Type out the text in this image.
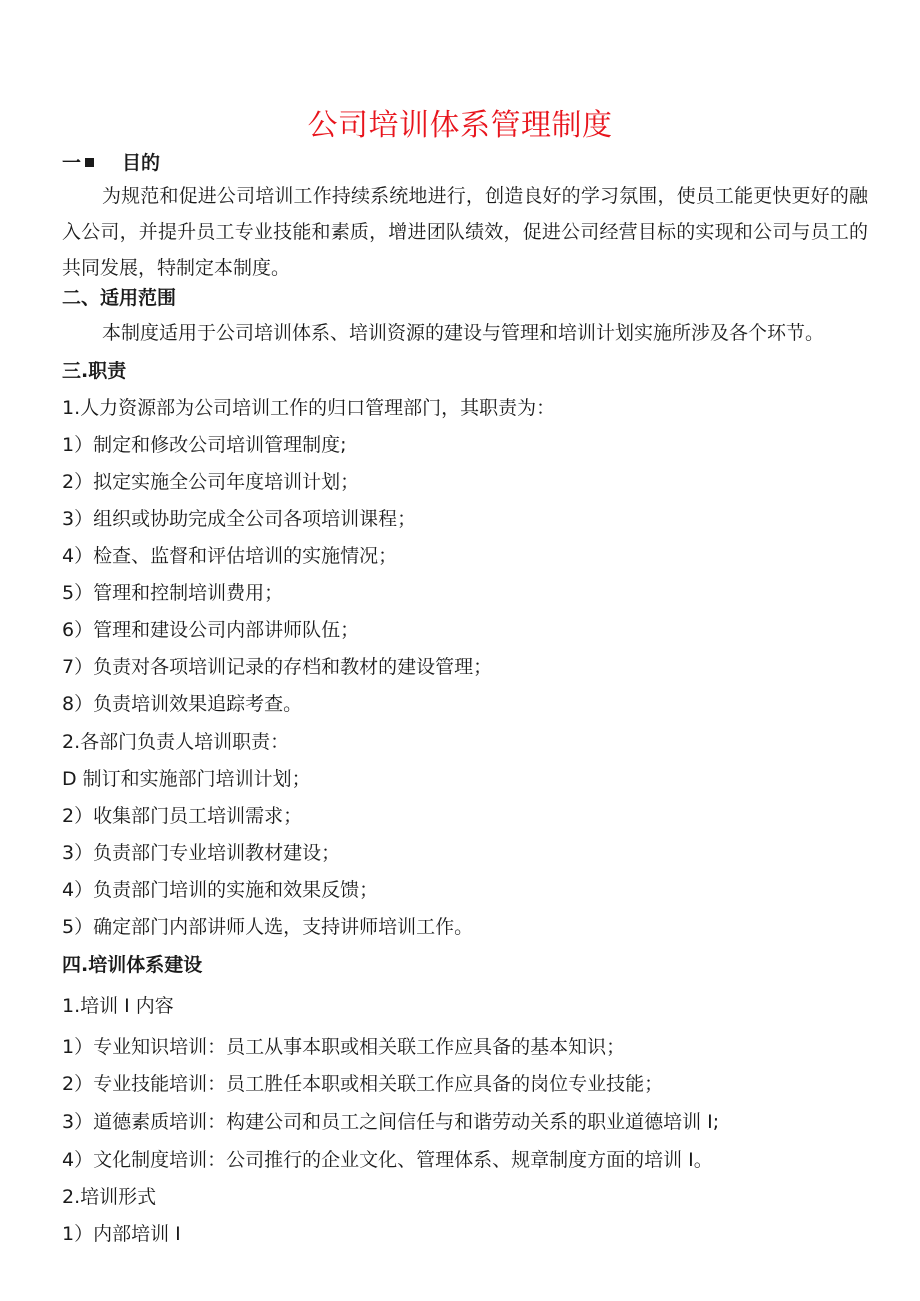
公司培训体系管理制度
一 目的
为规范和促进公司培训工作持续系统地进行，创造良好的学习氛围，使员工能更快更好的融入公司，并提升员工专业技能和素质，增进团队绩效，促进公司经营目标的实现和公司与员工的共同发展，特制定本制度。
二、适用范围
本制度适用于公司培训体系、培训资源的建设与管理和培训计划实施所涉及各个环节。
三.职责
1.人力资源部为公司培训工作的归口管理部门，其职责为：
1）制定和修改公司培训管理制度;
2）拟定实施全公司年度培训计划；
3）组织或协助完成全公司各项培训课程；
4）检查、监督和评估培训的实施情况；
5）管理和控制培训费用；
6）管理和建设公司内部讲师队伍；
7）负责对各项培训记录的存档和教材的建设管理；
8）负责培训效果追踪考查。
2.各部门负责人培训职责：
D 制订和实施部门培训计划；
2）收集部门员工培训需求；
3）负责部门专业培训教材建设；
4）负责部门培训的实施和效果反馈；
5）确定部门内部讲师人选，支持讲师培训工作。
四.培训体系建设
1.培训 I 内容
1）专业知识培训：员工从事本职或相关联工作应具备的基本知识；
2）专业技能培训：员工胜任本职或相关联工作应具备的岗位专业技能；
3）道德素质培训：构建公司和员工之间信任与和谐劳动关系的职业道德培训 I;
4）文化制度培训：公司推行的企业文化、管理体系、规章制度方面的培训 I。
2.培训形式
1）内部培训 I
